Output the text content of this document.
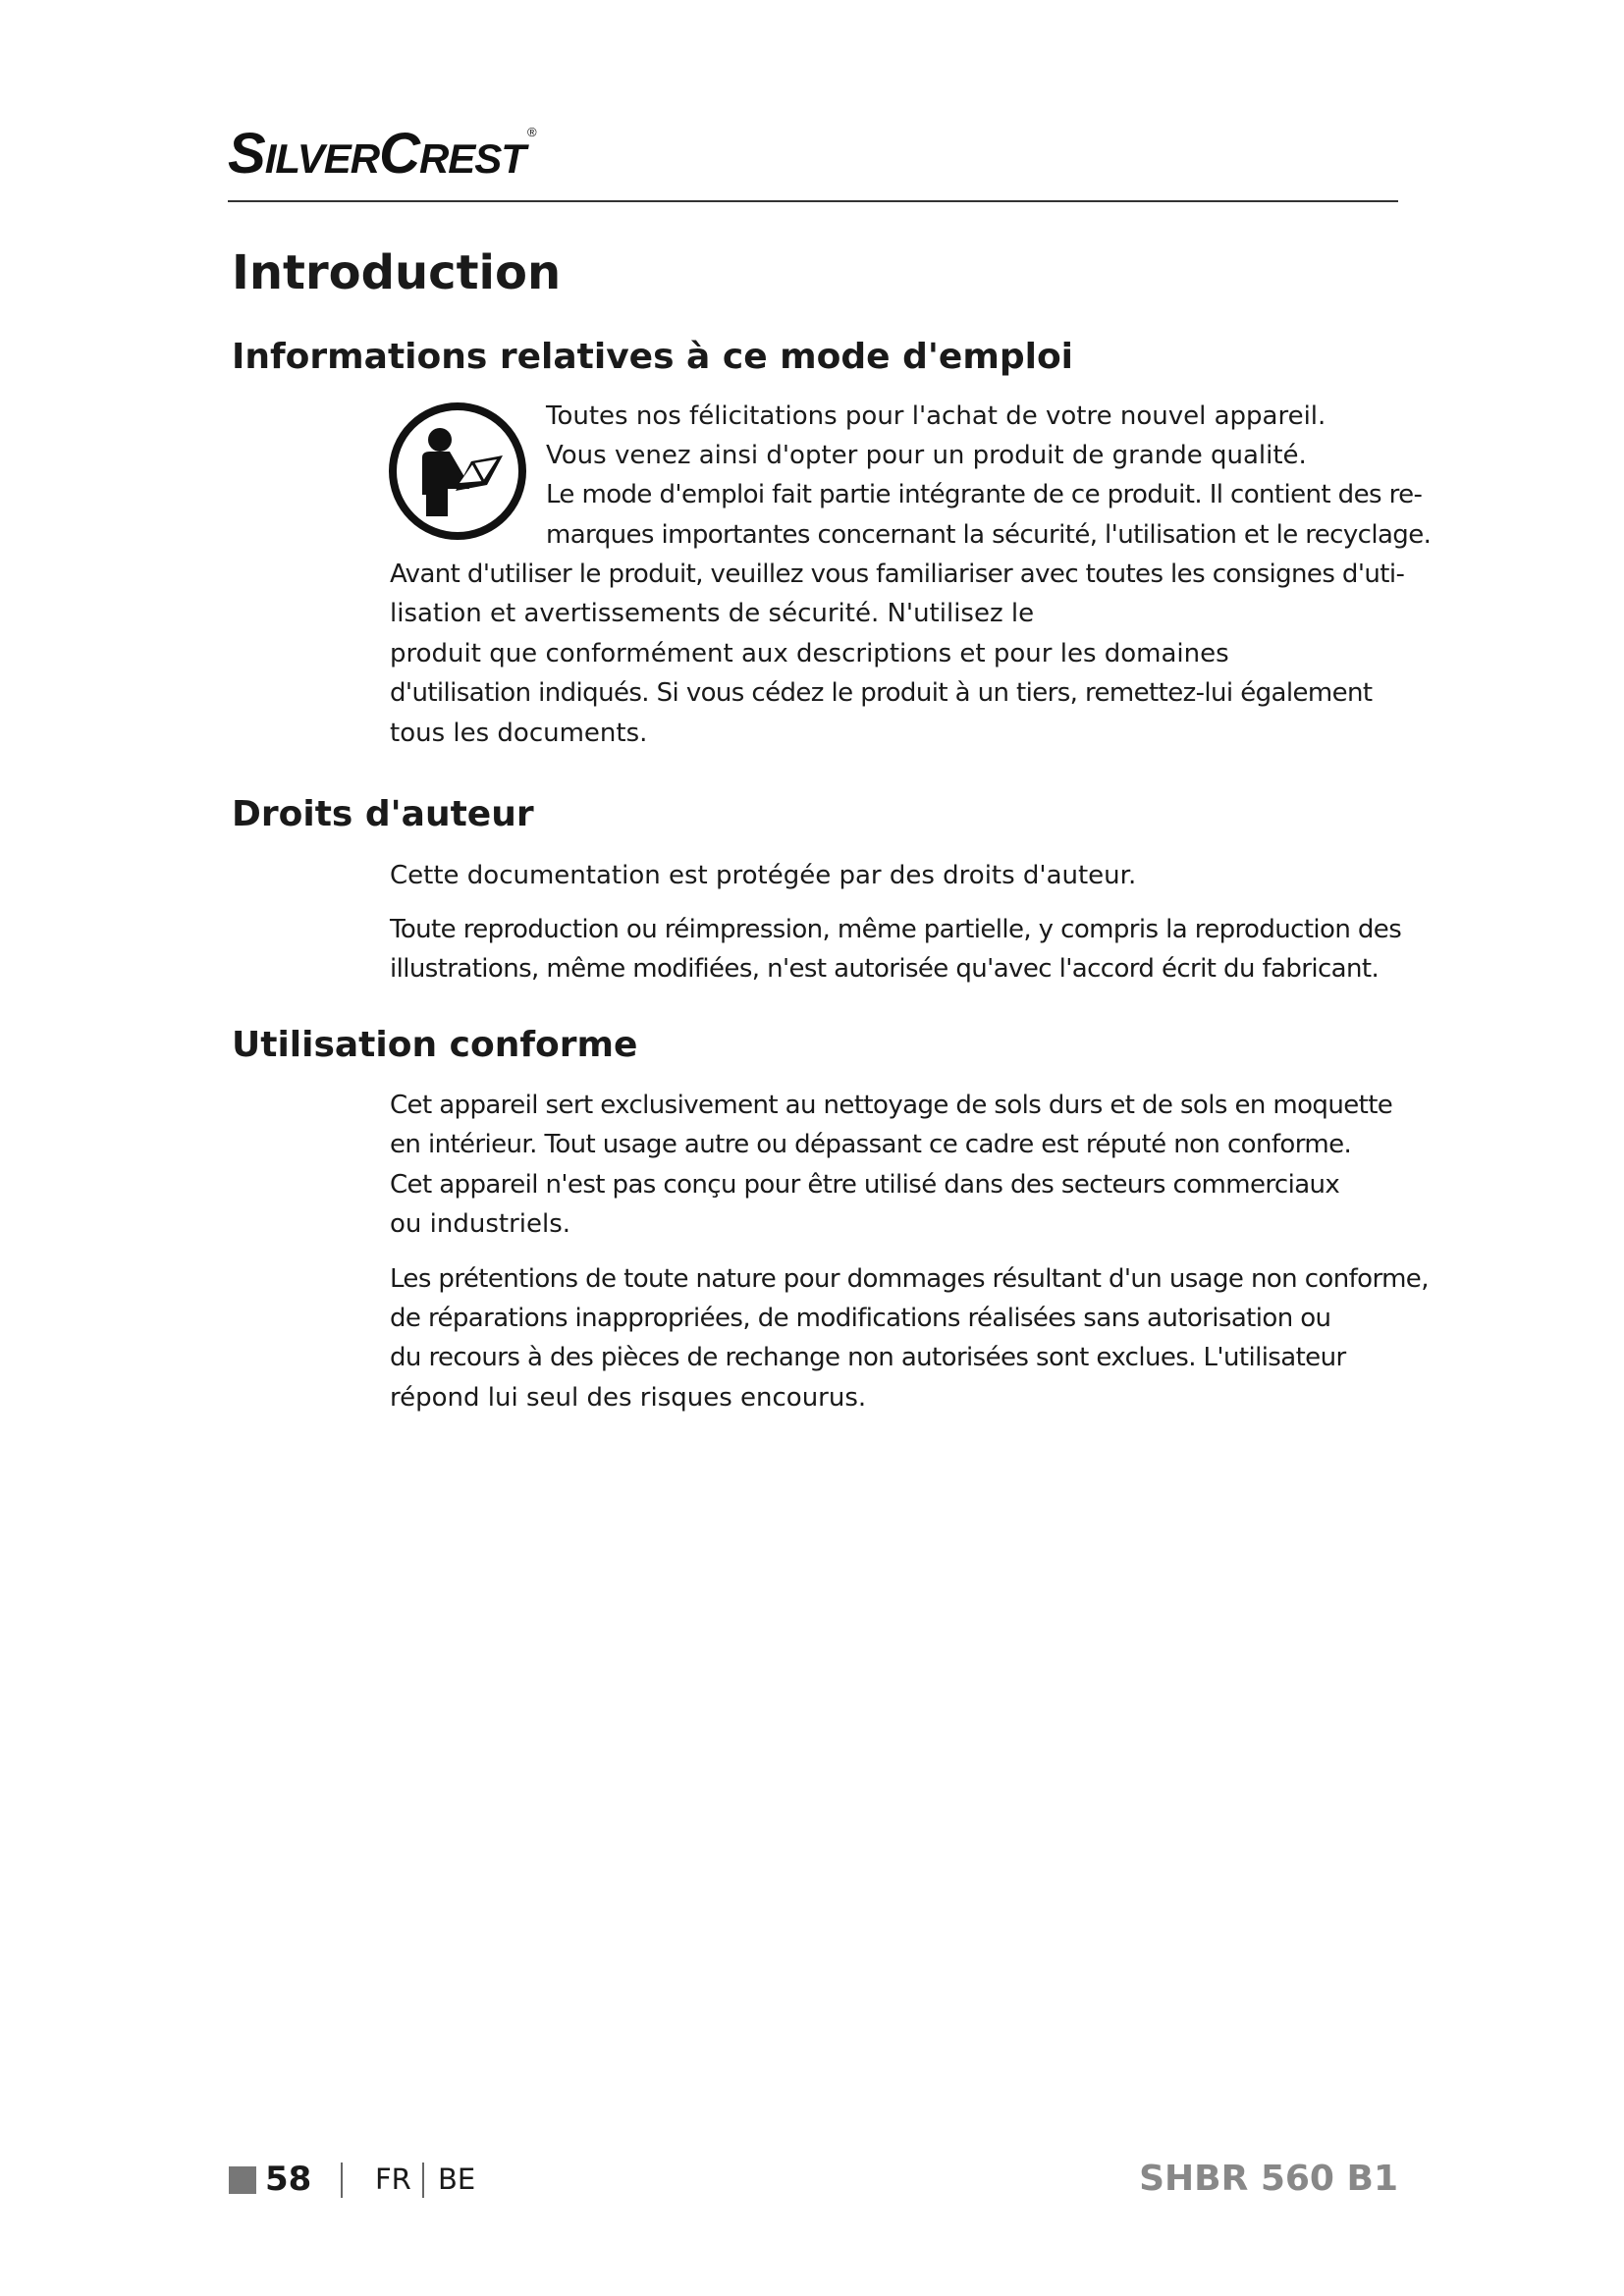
SILVERCREST®
Introduction
Informations relatives à ce mode d'emploi

Toutes nos félicitations pour l'achat de votre nouvel appareil.

Vous venez ainsi d'opter pour un produit de grande qualité.

Le mode d'emploi fait partie intégrante de ce produit. Il contient des re-

marques importantes concernant la sécurité, l'utilisation et le recyclage.

Avant d'utiliser le produit, veuillez vous familiariser avec toutes les consignes d'uti-

lisation et avertissements de sécurité. N'utilisez le

produit que conformément aux descriptions et pour les domaines

d'utilisation indiqués. Si vous cédez le produit à un tiers, remettez-lui également

tous les documents.

Droits d'auteur

Cette documentation est protégée par des droits d'auteur.

Toute reproduction ou réimpression, même partielle, y compris la reproduction des

illustrations, même modifiées, n'est autorisée qu'avec l'accord écrit du fabricant.

Utilisation conforme

Cet appareil sert exclusivement au nettoyage de sols durs et de sols en moquette

en intérieur. Tout usage autre ou dépassant ce cadre est réputé non conforme.

Cet appareil n'est pas conçu pour être utilisé dans des secteurs commerciaux

ou industriels.

Les prétentions de toute nature pour dommages résultant d'un usage non conforme,

de réparations inappropriées, de modifications réalisées sans autorisation ou

du recours à des pièces de rechange non autorisées sont exclues. L'utilisateur

répond lui seul des risques encourus.

58 FR BE	SHBR 560 B1
